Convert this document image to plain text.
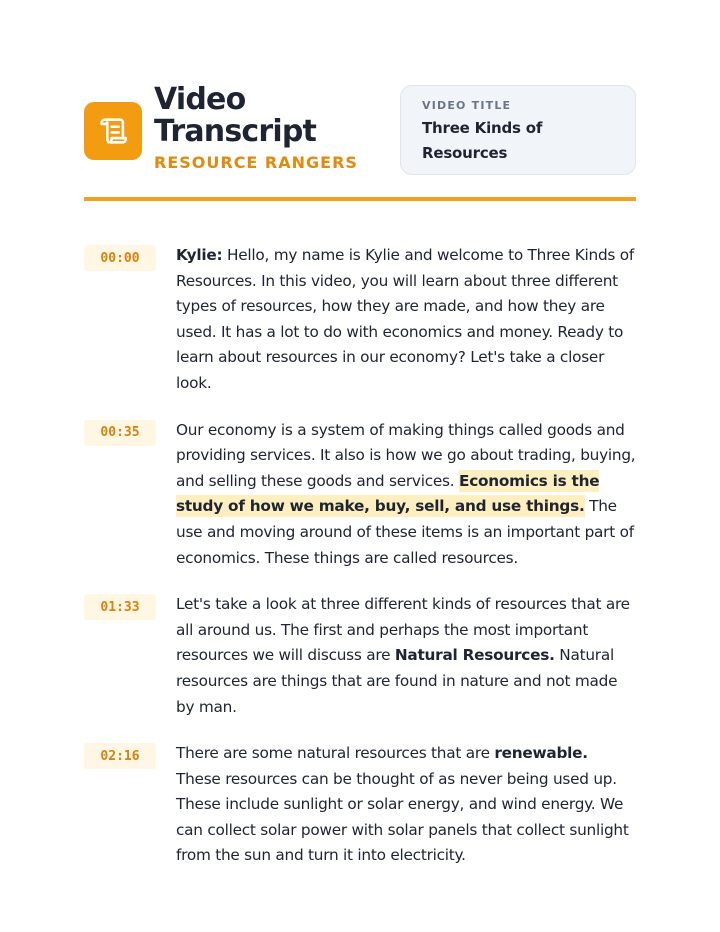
Video
Transcript
RESOURCE RANGERS
VIDEO TITLE
Three Kinds of
Resources
00:00	Kylie: Hello, my name is Kylie and welcome to Three Kinds of Resources. In this video, you will learn about three different types of resources, how they are made, and how they are used. It has a lot to do with economics and money. Ready to learn about resources in our economy? Let's take a closer look.

00:35	Our economy is a system of making things called goods and providing services. It also is how we go about trading, buying, and selling these goods and services. Economics is the study of how we make, buy, sell, and use things. The use and moving around of these items is an important part of economics. These things are called resources.

01:33	Let's take a look at three different kinds of resources that are all around us. The first and perhaps the most important resources we will discuss are Natural Resources. Natural resources are things that are found in nature and not made by man.

02:16	There are some natural resources that are renewable. These resources can be thought of as never being used up. These include sunlight or solar energy, and wind energy. We can collect solar power with solar panels that collect sunlight from the sun and turn it into electricity.
